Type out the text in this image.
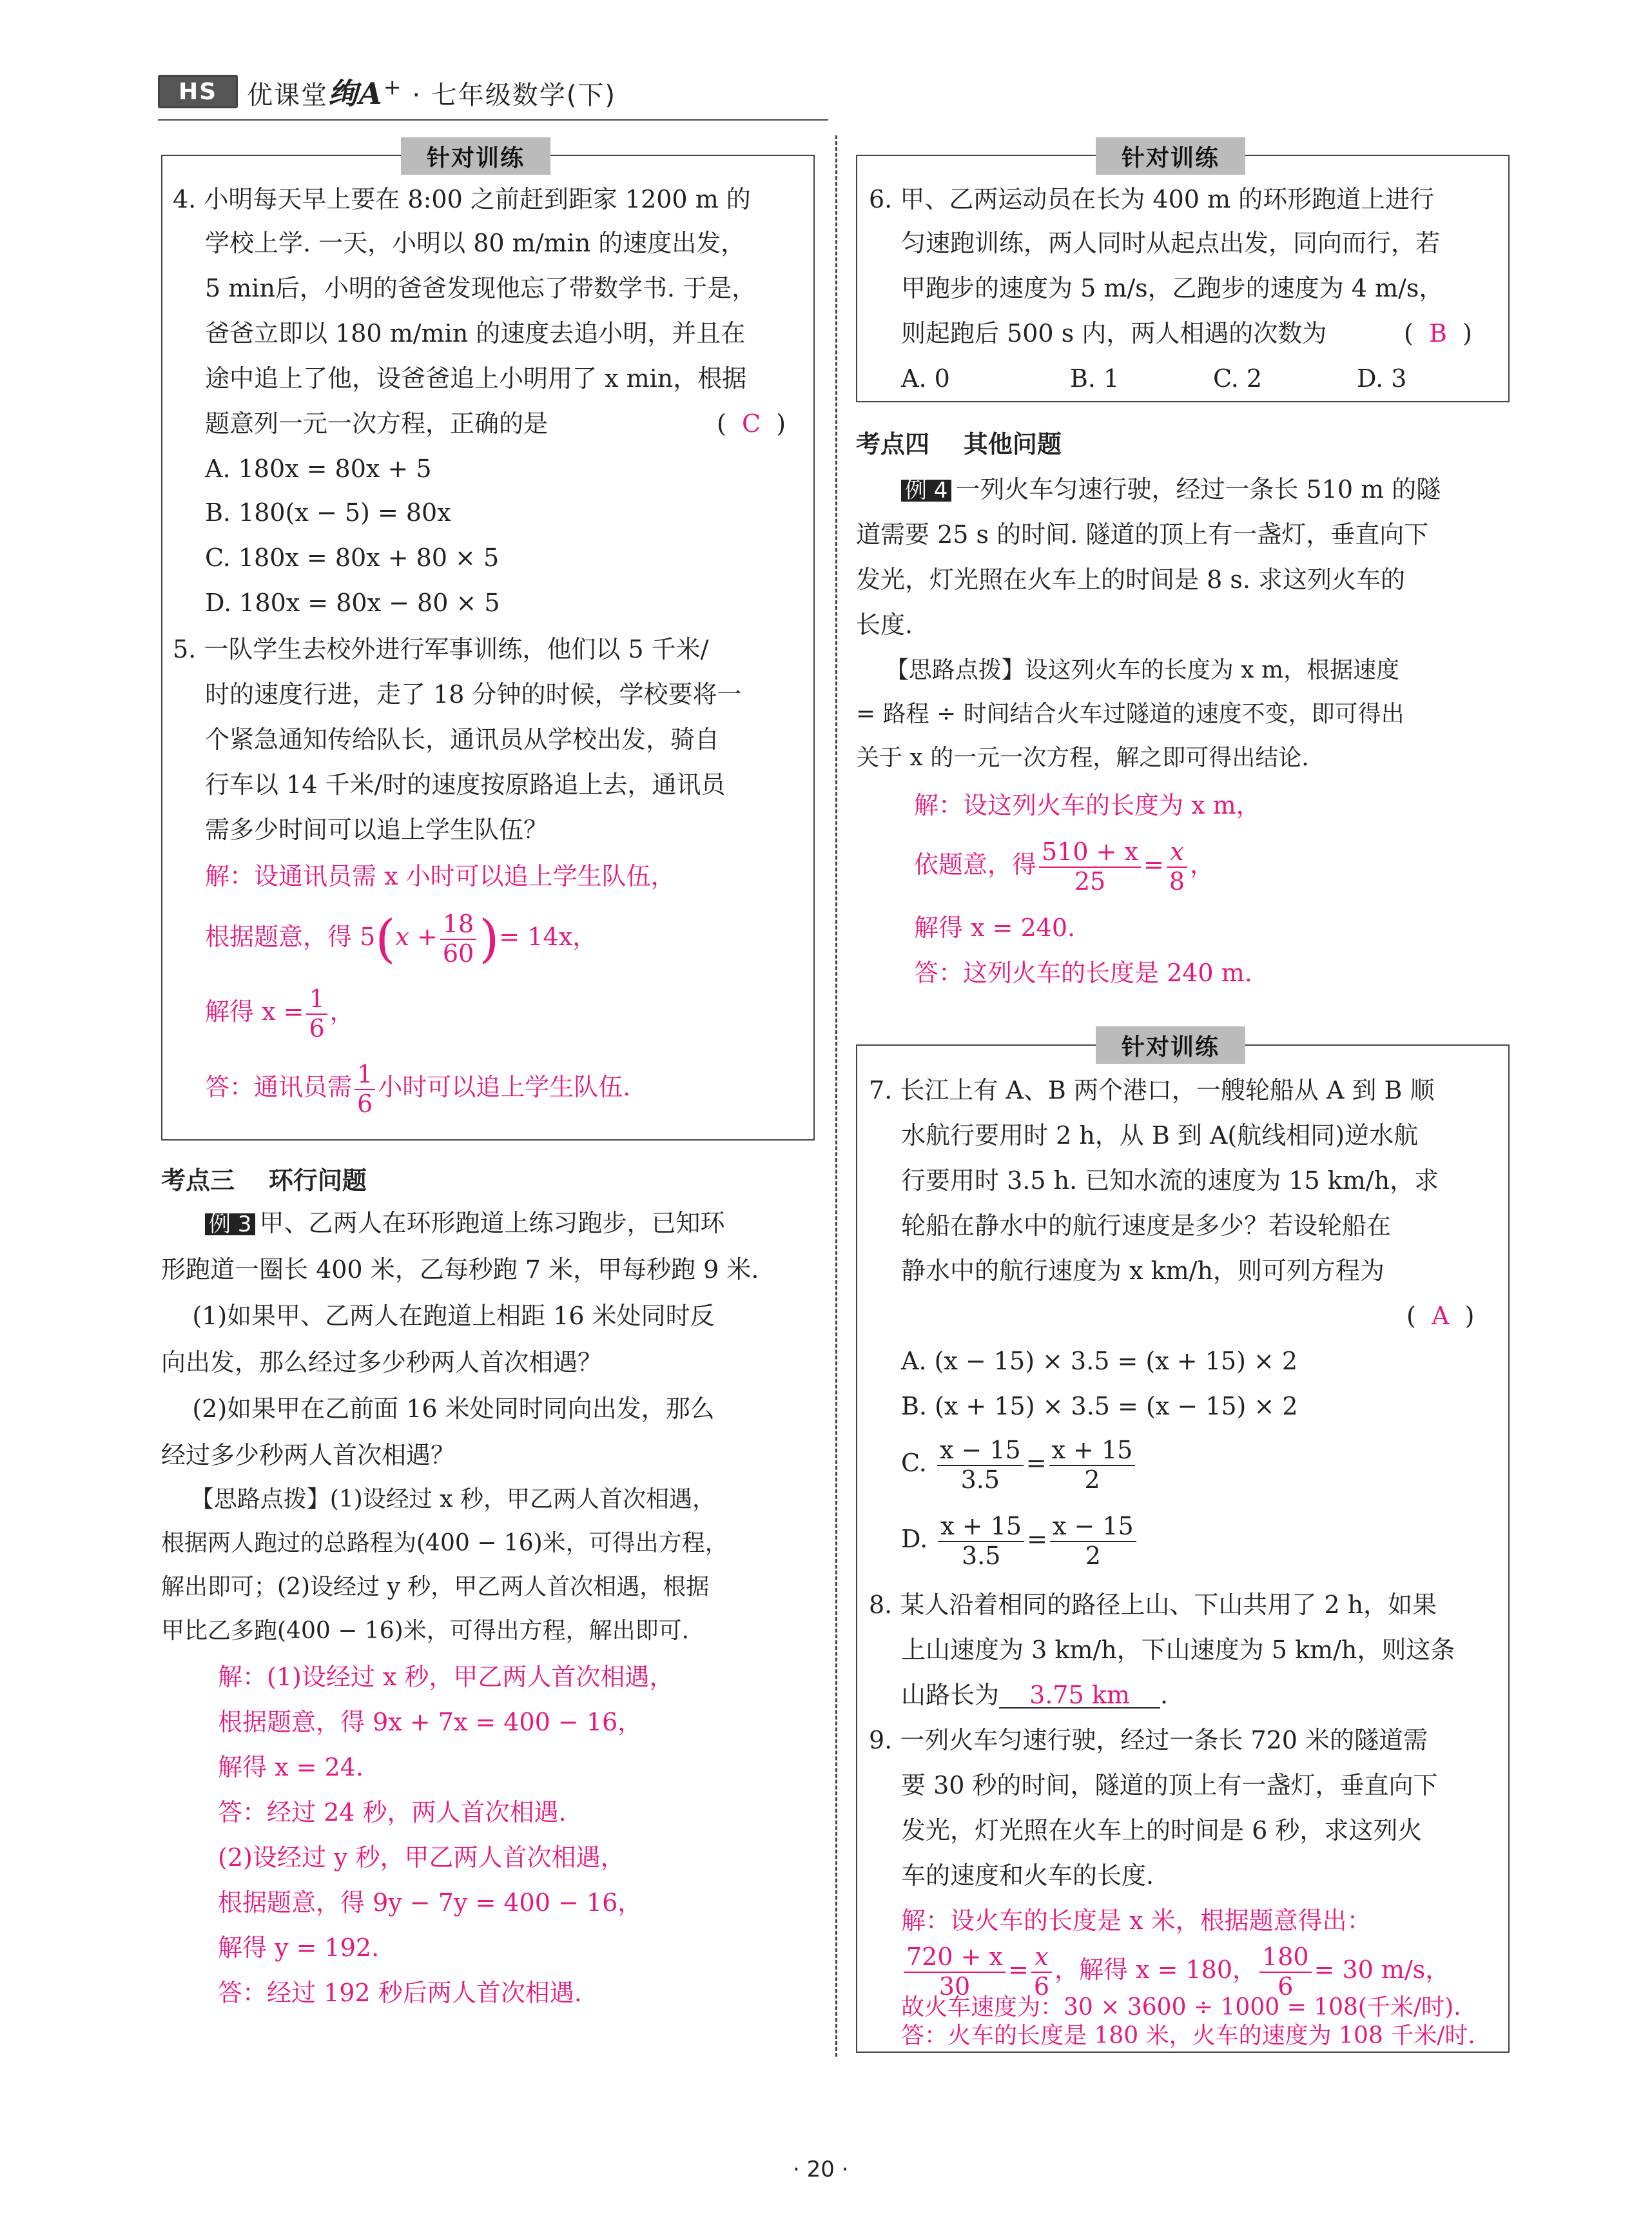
HS	优课堂绚A+ · 七年级数学(下)
针对训练
4. 小明每天早上要在 8:00 之前赶到距家 1200 m 的
学校上学. 一天，小明以 80 m/min 的速度出发，
5 min后，小明的爸爸发现他忘了带数学书. 于是，
爸爸立即以 180 m/min 的速度去追小明，并且在
途中追上了他，设爸爸追上小明用了 x min，根据
题意列一元一次方程，正确的是	(  C  )
A. 180x = 80x + 5
B. 180(x − 5) = 80x
C. 180x = 80x + 80 × 5
D. 180x = 80x − 80 × 5
5. 一队学生去校外进行军事训练，他们以 5 千米/
时的速度行进，走了 18 分钟的时候，学校要将一
个紧急通知传给队长，通讯员从学校出发，骑自
行车以 14 千米/时的速度按原路追上去，通讯员
需多少时间可以追上学生队伍？
解：设通讯员需 x 小时可以追上学生队伍，
根据题意，得 $5(x + \frac{18}{60}$ )= 14x，
解得 $x = \frac{1}{6}$ ，
答：通讯员需 $\frac{1}{6}$ 小时可以追上学生队伍.
考点三    环行问题
例 3 甲、乙两人在环形跑道上练习跑步，已知环
形跑道一圈长 400 米，乙每秒跑 7 米，甲每秒跑 9 米.
(1)如果甲、乙两人在跑道上相距 16 米处同时反
向出发，那么经过多少秒两人首次相遇？
(2)如果甲在乙前面 16 米处同时同向出发，那么
经过多少秒两人首次相遇？
【思路点拨】(1)设经过 x 秒，甲乙两人首次相遇，
根据两人跑过的总路程为(400 − 16)米，可得出方程，
解出即可；(2)设经过 y 秒，甲乙两人首次相遇，根据
甲比乙多跑(400 − 16)米，可得出方程，解出即可.
解：(1)设经过 x 秒，甲乙两人首次相遇，
根据题意，得 9x + 7x = 400 − 16，
解得 x = 24.
答：经过 24 秒，两人首次相遇.
(2)设经过 y 秒，甲乙两人首次相遇，
根据题意，得 9y − 7y = 400 − 16，
解得 y = 192.
答：经过 192 秒后两人首次相遇.
针对训练
6. 甲、乙两运动员在长为 400 m 的环形跑道上进行
匀速跑训练，两人同时从起点出发，同向而行，若
甲跑步的速度为 5 m/s，乙跑步的速度为 4 m/s，
则起跑后 500 s 内，两人相遇的次数为	(  B  )
A. 0	B. 1	C. 2	D. 3
考点四    其他问题
例 4 一列火车匀速行驶，经过一条长 510 m 的隧
道需要 25 s 的时间. 隧道的顶上有一盏灯，垂直向下
发光，灯光照在火车上的时间是 8 s. 求这列火车的
长度.
【思路点拨】设这列火车的长度为 x m，根据速度
= 路程 ÷ 时间结合火车过隧道的速度不变，即可得出
关于 x 的一元一次方程，解之即可得出结论.
解：设这列火车的长度为 x m，
依题意，得 $\frac{510 + x}{25} = \frac{x}{8}$ ，
解得 x = 240.
答：这列火车的长度是 240 m.
针对训练
7. 长江上有 A、B 两个港口，一艘轮船从 A 到 B 顺
水航行要用时 2 h，从 B 到 A(航线相同)逆水航
行要用时 3.5 h. 已知水流的速度为 15 km/h，求
轮船在静水中的航行速度是多少？若设轮船在
静水中的航行速度为 x km/h，则可列方程为
(  A  )
A. (x − 15) × 3.5 = (x + 15) × 2
B. (x + 15) × 3.5 = (x − 15) × 2
C. $\frac{x - 15}{3.5} = \frac{x + 15}{2}$
D. $\frac{x + 15}{3.5} = \frac{x - 15}{2}$
8. 某人沿着相同的路径上山、下山共用了 2 h，如果
上山速度为 3 km/h，下山速度为 5 km/h，则这条
山路长为 3.75 km .
9. 一列火车匀速行驶，经过一条长 720 米的隧道需
要 30 秒的时间，隧道的顶上有一盏灯，垂直向下
发光，灯光照在火车上的时间是 6 秒，求这列火
车的速度和火车的长度.
解：设火车的长度是 x 米，根据题意得出：
$\frac{720 + x}{30} = \frac{x}{6}$ ，解得 x = 180， $\frac{180}{6} = 30$ m/s，
故火车速度为：30 × 3600 ÷ 1000 = 108(千米/时).
答：火车的长度是 180 米，火车的速度为 108 千米/时.
· 20 ·
